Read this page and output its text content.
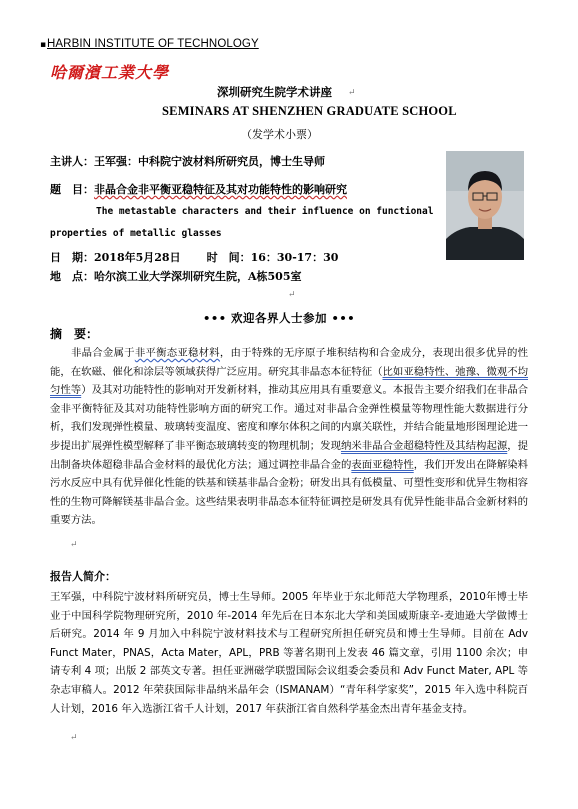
▪ HARBIN INSTITUTE OF TECHNOLOGY
哈爾濱工業大學
深圳研究生院学术讲座
SEMINARS AT SHENZHEN GRADUATE SCHOOL
（发学术小票）
主讲人：王军强：中科院宁波材料所研究员，博士生导师
题　目：非晶合金非平衡亚稳特征及其对功能特性的影响研究
The metastable characters and their influence on functional
properties of metallic glasses
日　期：2018年5月28日 时　间：16：30-17：30
地　点：哈尔滨工业大学深圳研究生院，A栋505室
••• 欢迎各界人士参加 •••
摘　要：
非晶合金属于非平衡态亚稳材料，由于特殊的无序原子堆积结构和合金成分，表现出很多优异的性能，在软磁、催化和涂层等领域获得广泛应用。研究其非晶态本征特征（比如亚稳特性、弛豫、微观不均匀性等）及其对功能特性的影响对开发新材料，推动其应用具有重要意义。本报告主要介绍我们在非晶合金非平衡特征及其对功能特性影响方面的研究工作。通过对非晶合金弹性模量等物理性能大数据进行分析，我们发现弹性模量、玻璃转变温度、密度和摩尔体积之间的内禀关联性，并结合能量地形图理论进一步提出扩展弹性模型解释了非平衡态玻璃转变的物理机制；发现纳米非晶合金超稳特性及其结构起源，提出制备块体超稳非晶合金材料的最优化方法；通过调控非晶合金的表面亚稳特性，我们开发出在降解染料污水反应中具有优异催化性能的铁基和镁基非晶合金粉；研发出具有低模量、可塑性变形和优异生物相容性的生物可降解镁基非晶合金。这些结果表明非晶态本征特征调控是研发具有优异性能非晶合金新材料的重要方法。
报告人简介：
王军强，中科院宁波材料所研究员，博士生导师。2005 年毕业于东北师范大学物理系，2010年博士毕业于中国科学院物理研究所，2010 年-2014 年先后在日本东北大学和美国威斯康辛-麦迪逊大学做博士后研究。2014 年 9 月加入中科院宁波材料技术与工程研究所担任研究员和博士生导师。目前在 Adv Funct Mater，PNAS，Acta Mater，APL，PRB 等著名期刊上发表 46 篇文章，引用 1100 余次；申请专利 4 项；出版 2 部英文专著。担任亚洲磁学联盟国际会议组委会委员和 Adv Funct Mater, APL 等杂志审稿人。2012 年荣获国际非晶纳米晶年会（ISMANAM）“青年科学家奖”，2015 年入选中科院百人计划，2016 年入选浙江省千人计划，2017 年获浙江省自然科学基金杰出青年基金支持。
↵
↵
↵
↵
